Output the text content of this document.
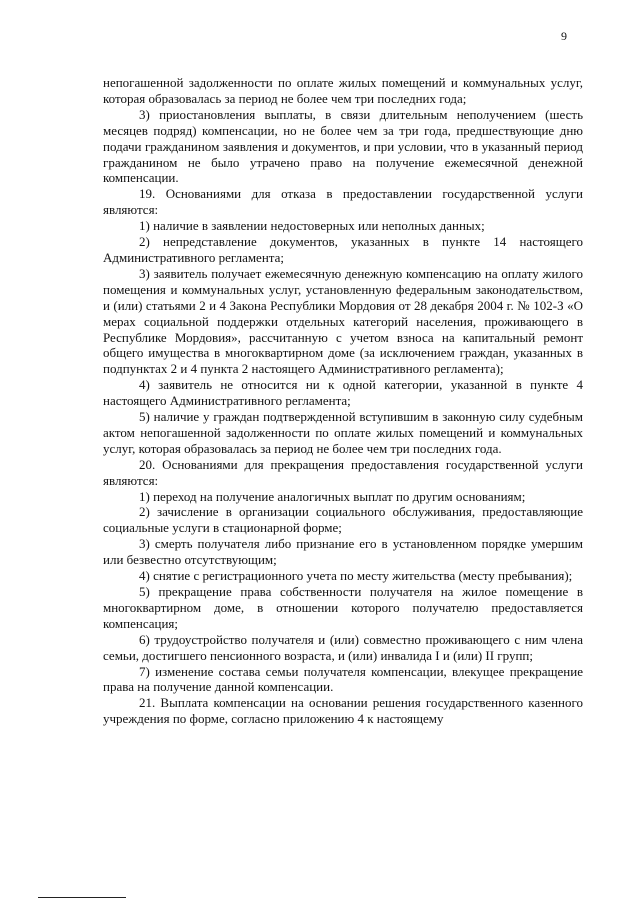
9

непогашенной задолженности по оплате жилых помещений и коммунальных услуг, которая образовалась за период не более чем три последних года;

3) приостановления выплаты, в связи длительным неполучением (шесть месяцев подряд) компенсации, но не более чем за три года, предшествующие дню подачи гражданином заявления и документов, и при условии, что в указанный период гражданином не было утрачено право на получение ежемесячной денежной компенсации.

19. Основаниями для отказа в предоставлении государственной услуги являются:

1) наличие в заявлении недостоверных или неполных данных;

2) непредставление документов, указанных в пункте 14 настоящего Административного регламента;

3) заявитель получает ежемесячную денежную компенсацию на оплату жилого помещения и коммунальных услуг, установленную федеральным законодательством, и (или) статьями 2 и 4 Закона Республики Мордовия от 28 декабря 2004 г. № 102-З «О мерах социальной поддержки отдельных категорий населения, проживающего в Республике Мордовия», рассчитанную с учетом взноса на капитальный ремонт общего имущества в многоквартирном доме (за исключением граждан, указанных в подпунктах 2 и 4 пункта 2 настоящего Административного регламента);

4) заявитель не относится ни к одной категории, указанной в пункте 4 настоящего Административного регламента;

5) наличие у граждан подтвержденной вступившим в законную силу судебным актом непогашенной задолженности по оплате жилых помещений и коммунальных услуг, которая образовалась за период не более чем три последних года.

20. Основаниями для прекращения предоставления государственной услуги являются:

1) переход на получение аналогичных выплат по другим основаниям;

2) зачисление в организации социального обслуживания, предоставляющие социальные услуги в стационарной форме;

3) смерть получателя либо признание его в установленном порядке умершим или безвестно отсутствующим;

4) снятие с регистрационного учета по месту жительства (месту пребывания);

5) прекращение права собственности получателя на жилое помещение в многоквартирном доме, в отношении которого получателю предоставляется компенсация;

6) трудоустройство получателя и (или) совместно проживающего с ним члена семьи, достигшего пенсионного возраста, и (или) инвалида I и (или) II групп;

7) изменение состава семьи получателя компенсации, влекущее прекращение права на получение данной компенсации.

21. Выплата компенсации на основании решения государственного казенного учреждения по форме, согласно приложению 4 к настоящему
